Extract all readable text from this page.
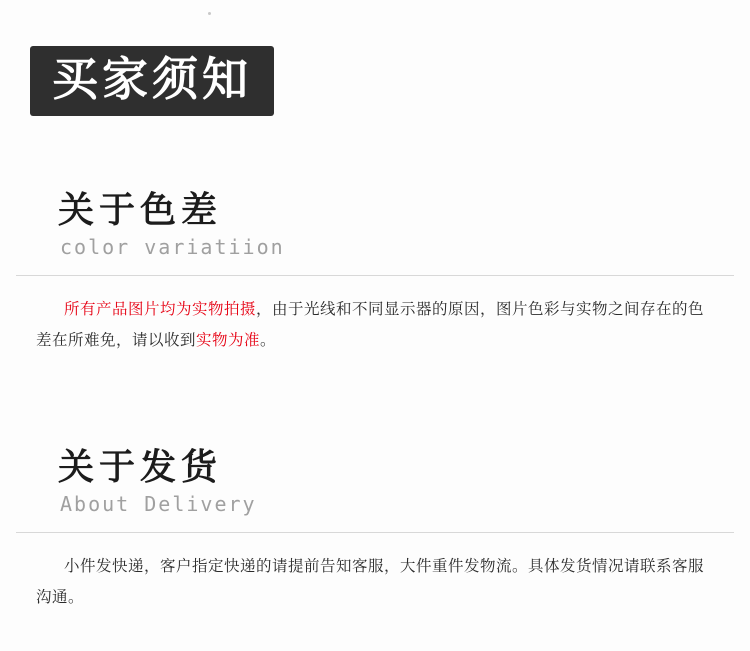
买家须知
关于色差
color variatiion
所有产品图片均为实物拍摄，由于光线和不同显示器的原因，图片色彩与实物之间存在的色差在所难免，请以收到实物为准。
关于发货
About Delivery
小件发快递，客户指定快递的请提前告知客服，大件重件发物流。具体发货情况请联系客服沟通。
